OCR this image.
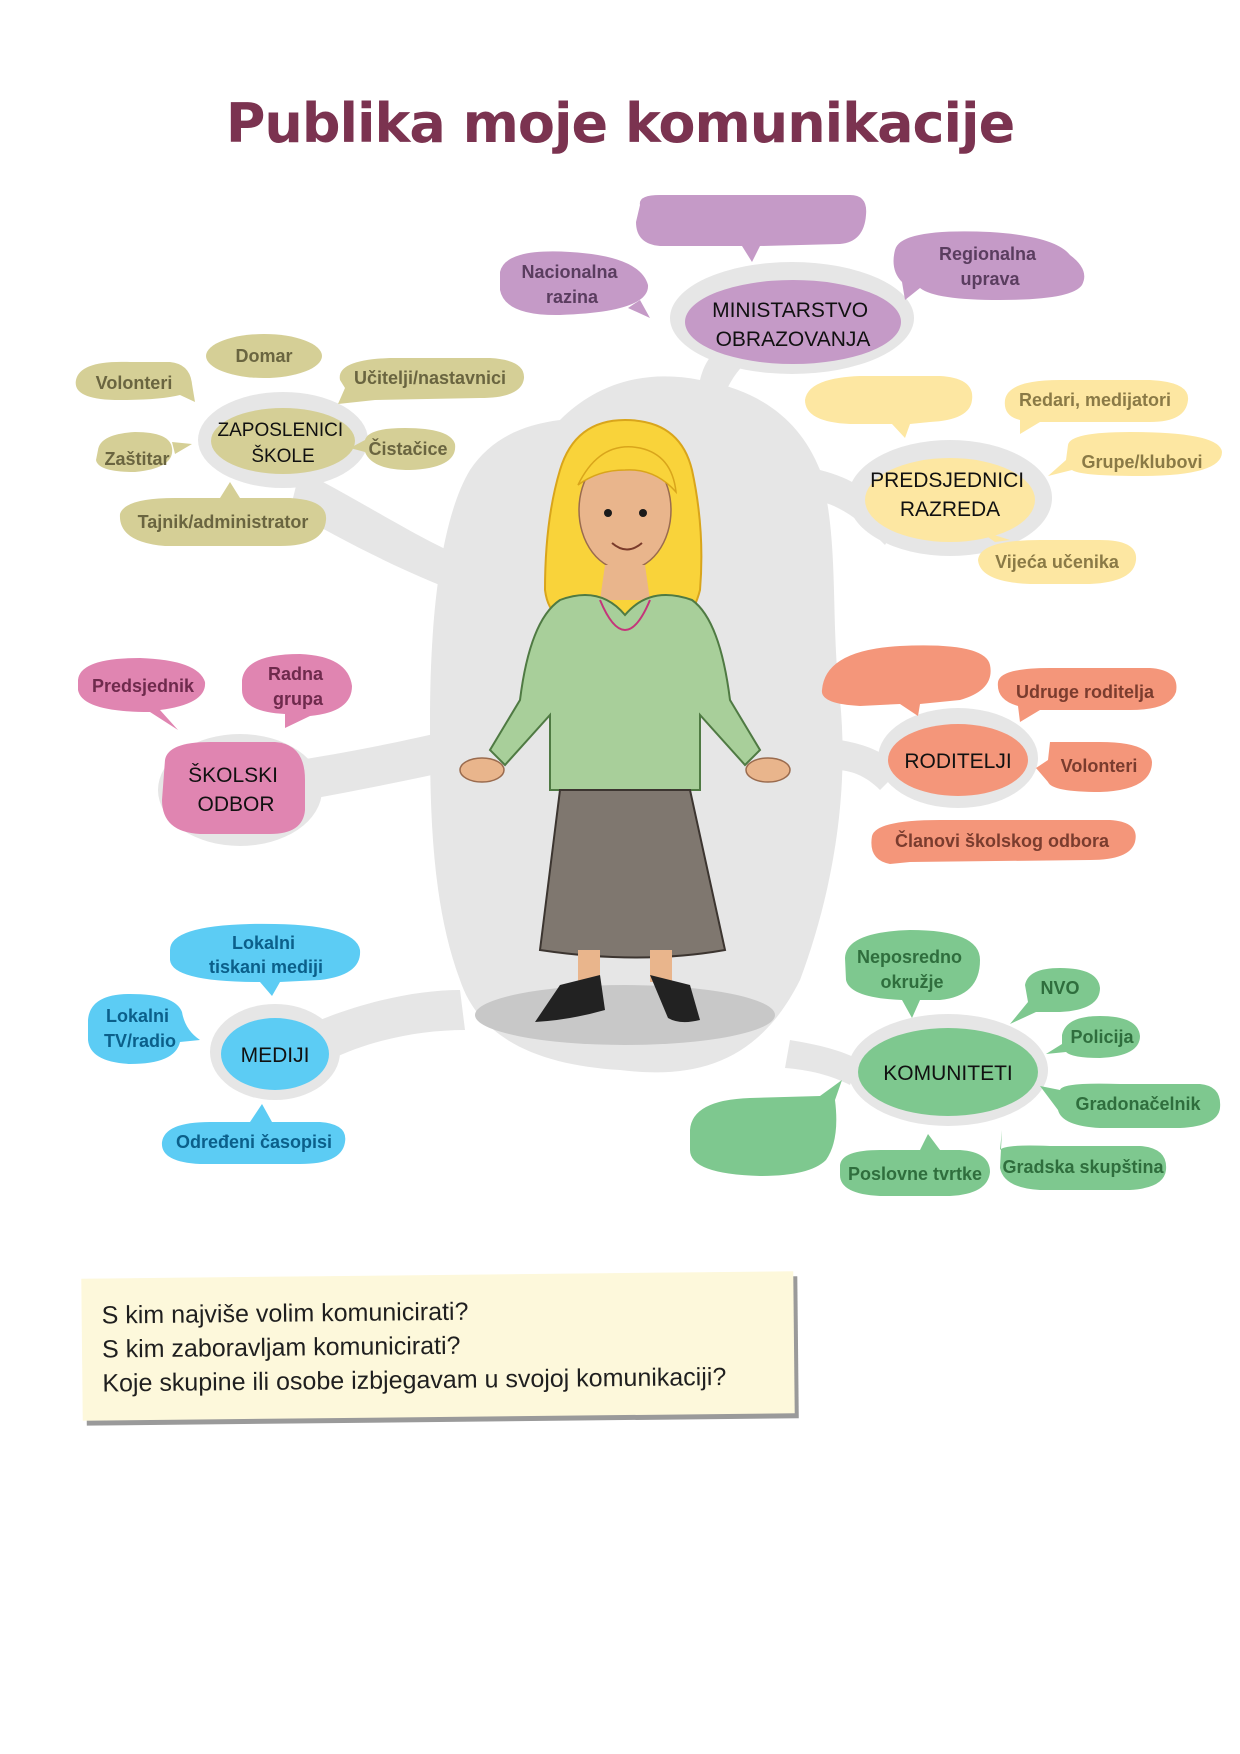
Publika moje komunikacije
Nacionalna razina
Regionalna uprava
MINISTARSTVO OBRAZOVANJA
Domar
Volonteri	Učitelji/nastavnici
Zaštitar	Čistačice
Tajnik/administrator
ZAPOSLENICI ŠKOLE
Redari, medijatori
Grupe/klubovi
Vijeća učenika
PREDSJEDNICI RAZREDA
Predsjednik
Radna grupa
ŠKOLSKI ODBOR
Udruge roditelja
Volonteri
Članovi školskog odbora
RODITELJI
Lokalni tiskani mediji
Lokalni TV/radio
Određeni časopisi
MEDIJI
Neposredno okružje	NVO
Policija
Gradonačelnik
Gradska skupština
Poslovne tvrtke
KOMUNITETI
S kim najviše volim komunicirati?
S kim zaboravljam komunicirati?
Koje skupine ili osobe izbjegavam u svojoj komunikaciji?
